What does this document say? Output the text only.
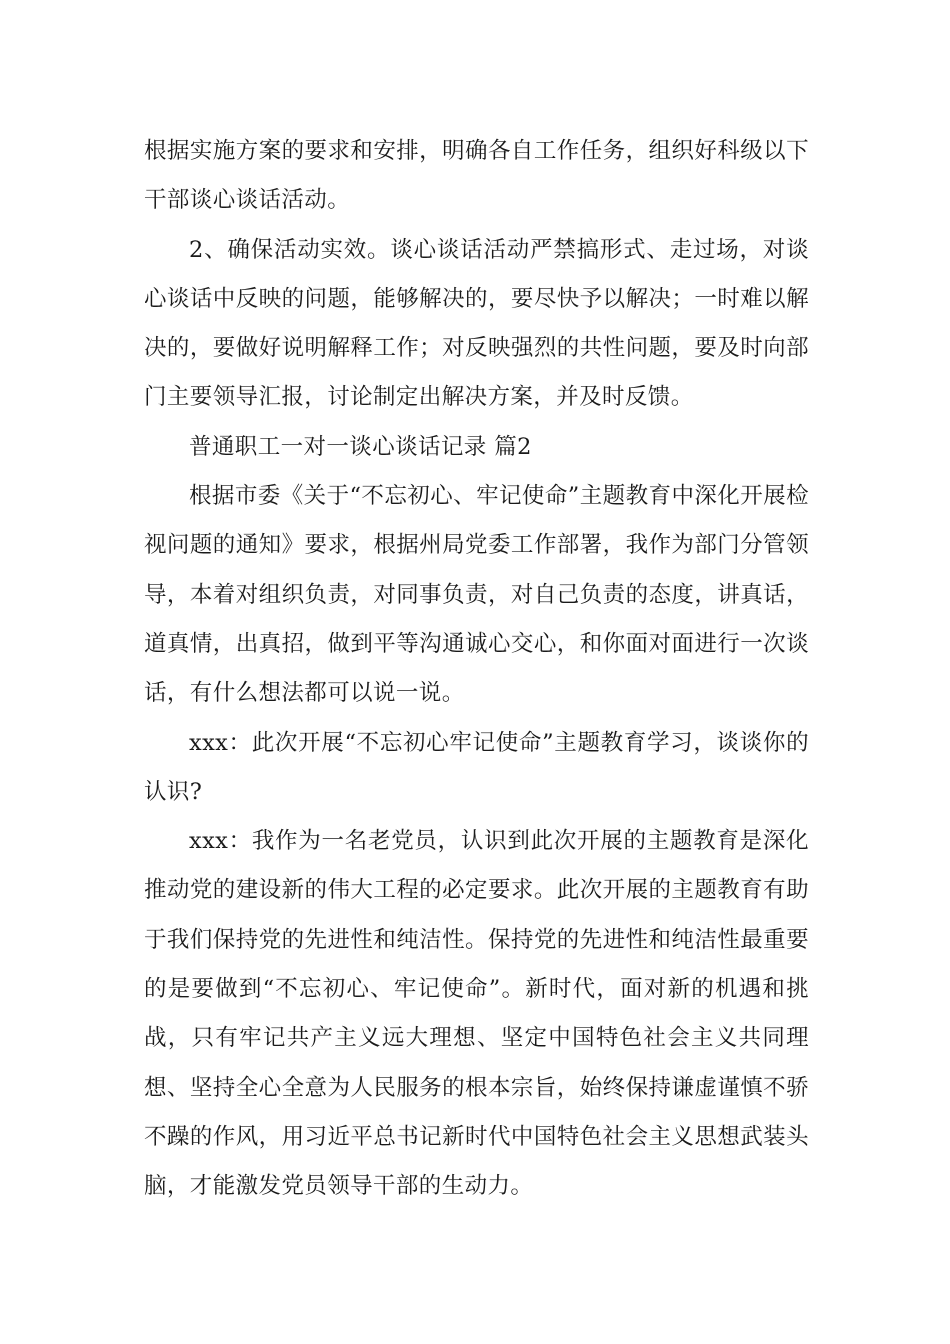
根据实施方案的要求和安排，明确各自工作任务，组织好科级以下干部谈心谈话活动。

2、确保活动实效。谈心谈话活动严禁搞形式、走过场，对谈心谈话中反映的问题，能够解决的，要尽快予以解决；一时难以解决的，要做好说明解释工作；对反映强烈的共性问题，要及时向部门主要领导汇报，讨论制定出解决方案，并及时反馈。

普通职工一对一谈心谈话记录 篇2

根据市委《关于“不忘初心、牢记使命”主题教育中深化开展检视问题的通知》要求，根据州局党委工作部署，我作为部门分管领导，本着对组织负责，对同事负责，对自己负责的态度，讲真话，道真情，出真招，做到平等沟通诚心交心，和你面对面进行一次谈话，有什么想法都可以说一说。

xxx：此次开展“不忘初心牢记使命”主题教育学习，谈谈你的认识?

xxx：我作为一名老党员，认识到此次开展的主题教育是深化推动党的建设新的伟大工程的必定要求。此次开展的主题教育有助于我们保持党的先进性和纯洁性。保持党的先进性和纯洁性最重要的是要做到“不忘初心、牢记使命”。新时代，面对新的机遇和挑战，只有牢记共产主义远大理想、坚定中国特色社会主义共同理想、坚持全心全意为人民服务的根本宗旨，始终保持谦虚谨慎不骄不躁的作风，用习近平总书记新时代中国特色社会主义思想武装头脑，才能激发党员领导干部的生动力。
